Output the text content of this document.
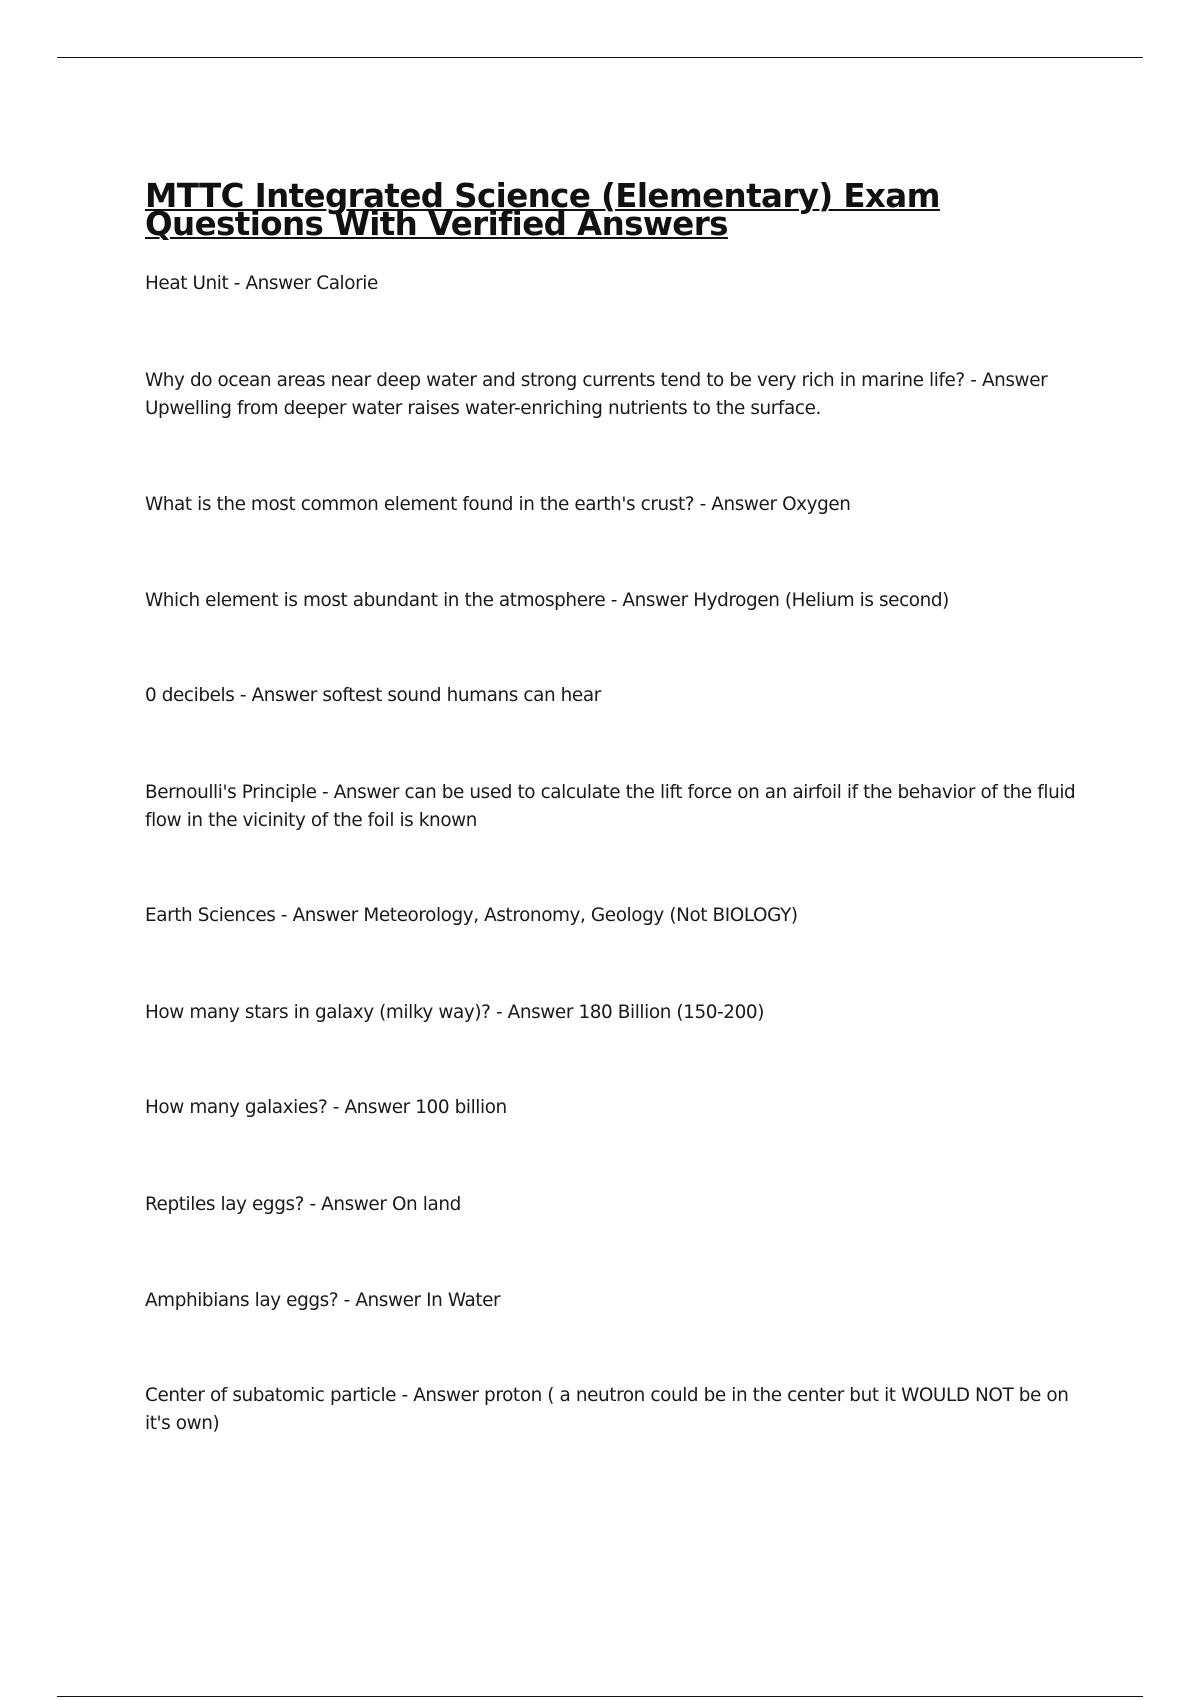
MTTC Integrated Science (Elementary) Exam Questions With Verified Answers
Heat Unit - Answer Calorie
Why do ocean areas near deep water and strong currents tend to be very rich in marine life? - Answer Upwelling from deeper water raises water-enriching nutrients to the surface.
What is the most common element found in the earth's crust? - Answer Oxygen
Which element is most abundant in the atmosphere - Answer Hydrogen (Helium is second)
0 decibels - Answer softest sound humans can hear
Bernoulli's Principle - Answer can be used to calculate the lift force on an airfoil if the behavior of the fluid flow in the vicinity of the foil is known
Earth Sciences - Answer Meteorology, Astronomy, Geology (Not BIOLOGY)
How many stars in galaxy (milky way)? - Answer 180 Billion (150-200)
How many galaxies? - Answer 100 billion
Reptiles lay eggs? - Answer On land
Amphibians lay eggs? - Answer In Water
Center of subatomic particle - Answer proton ( a neutron could be in the center but it WOULD NOT be on it's own)
